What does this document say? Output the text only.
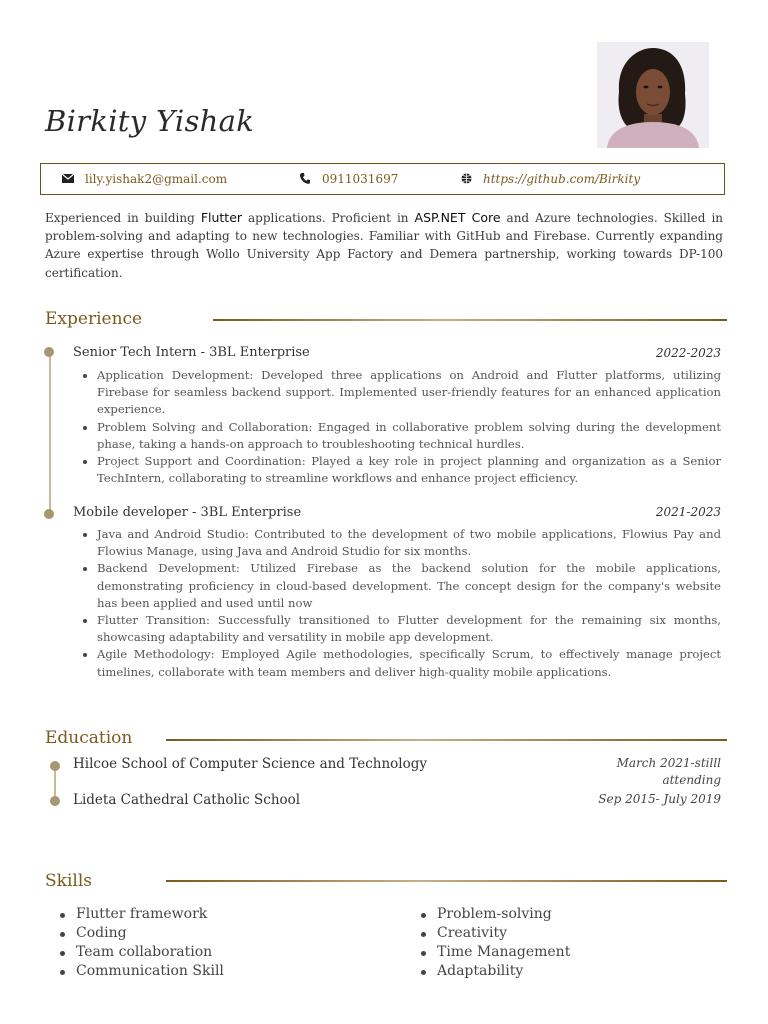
Birkity Yishak
lily.yishak2@gmail.com	0911031697	https://github.com/Birkity

Experienced in building Flutter applications. Proficient in ASP.NET Core and Azure technologies. Skilled in problem-solving and adapting to new technologies. Familiar with GitHub and Firebase. Currently expanding Azure expertise through Wollo University App Factory and Demera partnership, working towards DP-100 certification.

Experience
Senior Tech Intern - 3BL Enterprise	2022-2023
Application Development: Developed three applications on Android and Flutter platforms, utilizing Firebase for seamless backend support. Implemented user-friendly features for an enhanced application experience.
Problem Solving and Collaboration: Engaged in collaborative problem solving during the development phase, taking a hands-on approach to troubleshooting technical hurdles.
Project Support and Coordination: Played a key role in project planning and organization as a Senior TechIntern, collaborating to streamline workflows and enhance project efficiency.
Mobile developer - 3BL Enterprise	2021-2023
Java and Android Studio: Contributed to the development of two mobile applications, Flowius Pay and Flowius Manage, using Java and Android Studio for six months.
Backend Development: Utilized Firebase as the backend solution for the mobile applications, demonstrating proficiency in cloud-based development. The concept design for the company's website has been applied and used until now
Flutter Transition: Successfully transitioned to Flutter development for the remaining six months, showcasing adaptability and versatility in mobile app development.
Agile Methodology: Employed Agile methodologies, specifically Scrum, to effectively manage project timelines, collaborate with team members and deliver high-quality mobile applications.
Education
Hilcoe School of Computer Science and Technology	March 2021-stilll attending
Lideta Cathedral Catholic School	Sep 2015- July 2019
Skills
Flutter framework
Coding
Team collaboration
Communication Skill
Problem-solving
Creativity
Time Management
Adaptability
